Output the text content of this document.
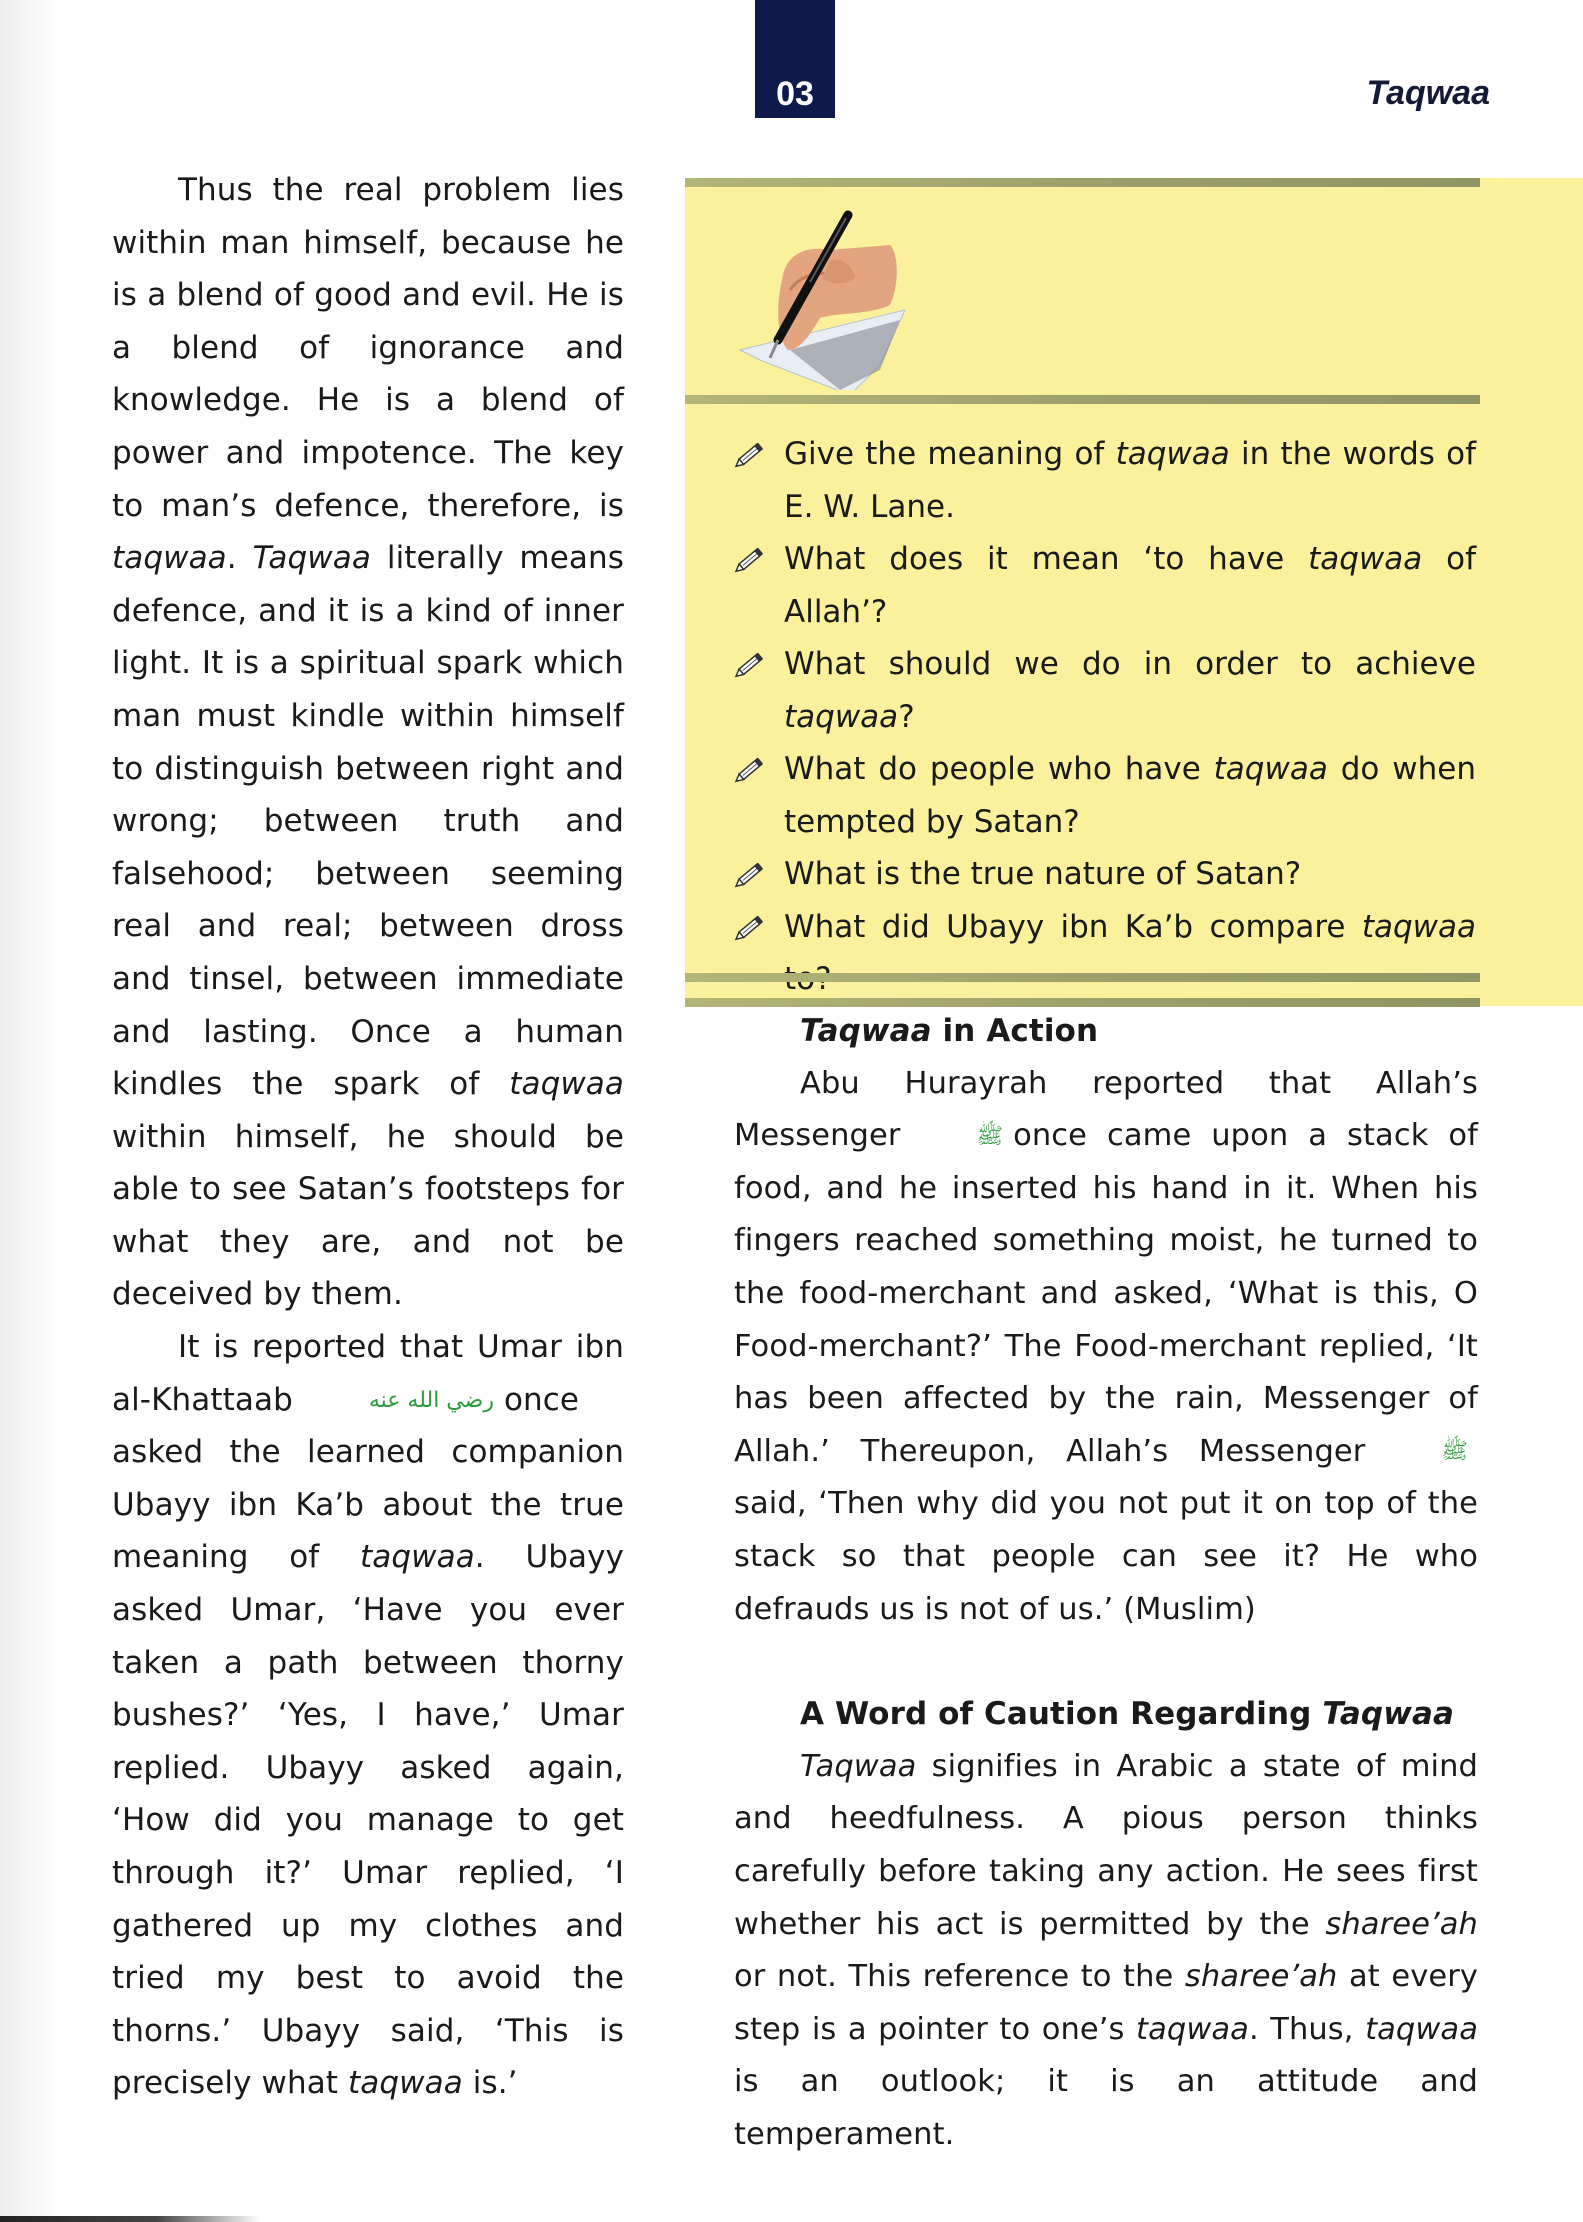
03	Taqwaa

Thus the real problem lies within man himself, because he is a blend of good and evil. He is a blend of ignorance and knowledge. He is a blend of power and impotence. The key to man’s defence, therefore, is taqwaa. Taqwaa literally means defence, and it is a kind of inner light. It is a spiritual spark which man must kindle within himself to distinguish between right and wrong; between truth and falsehood; between seeming real and real; between dross and tinsel, between immediate and lasting. Once a human kindles the spark of taqwaa within himself, he should be able to see Satan’s footsteps for what they are, and not be deceived by them.

It is reported that Umar ibn al-Khattaab	رضي الله عنه once asked the learned companion Ubayy ibn Ka’b about the true meaning of taqwaa. Ubayy asked Umar, ‘Have you ever taken a path between thorny bushes?’ ‘Yes, I have,’ Umar replied. Ubayy asked again, ‘How did you manage to get through it?’ Umar replied, ‘I gathered up my clothes and tried my best to avoid the thorns.’ Ubayy said, ‘This is precisely what taqwaa is.’

Give the meaning of taqwaa in the words of E. W. Lane.
What does it mean ‘to have taqwaa of Allah’?
What should we do in order to achieve taqwaa?
What do people who have taqwaa do when tempted by Satan?
What is the true nature of Satan?
What did Ubayy ibn Ka’b compare taqwaa
Taqwaa in Action

Abu Hurayrah reported that Allah’s Messenger	ﷺ once came upon a stack of food, and he inserted his hand in it. When his fingers reached something moist, he turned to the food-merchant and asked, ‘What is this, O Food-merchant?’ The Food-merchant replied, ‘It has been affected by the rain, Messenger of Allah.’ Thereupon, Allah’s Messenger	ﷺsaid, ‘Then why did you not put it on top of the stack so that people can see it? He who defrauds us is not of us.’ (Muslim)

A Word of Caution Regarding Taqwaa

Taqwaa signifies in Arabic a state of mind and heedfulness. A pious person thinks carefully before taking any action. He sees first whether his act is permitted by the sharee’ah or not. This reference to the sharee’ah at every step is a pointer to one’s taqwaa. Thus, taqwaa is an outlook; it is an attitude and temperament.
